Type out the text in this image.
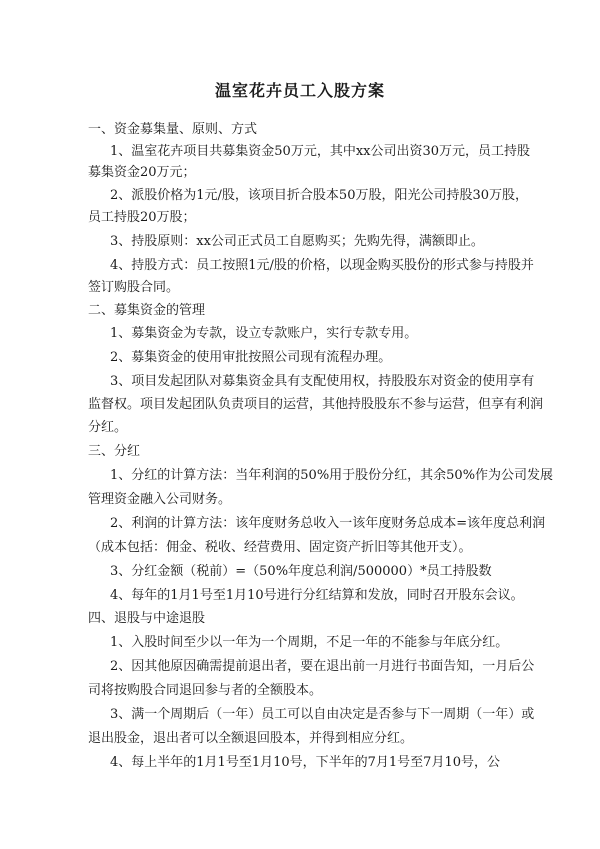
温室花卉员工入股方案
一、资金募集量、原则、方式
1、温室花卉项目共募集资金50万元，其中xx公司出资30万元，员工持股
募集资金20万元；
2、派股价格为1元/股，该项目折合股本50万股，阳光公司持股30万股，
员工持股20万股；
3、持股原则：xx公司正式员工自愿购买；先购先得，满额即止。
4、持股方式：员工按照1元/股的价格，以现金购买股份的形式参与持股并
签订购股合同。
二、募集资金的管理
1、募集资金为专款，设立专款账户，实行专款专用。
2、募集资金的使用审批按照公司现有流程办理。
3、项目发起团队对募集资金具有支配使用权，持股股东对资金的使用享有
监督权。项目发起团队负责项目的运营，其他持股股东不参与运营，但享有利润
分红。
三、分红
1、分红的计算方法：当年利润的50%用于股份分红，其余50%作为公司发展
管理资金融入公司财务。
2、利润的计算方法：该年度财务总收入一该年度财务总成本=该年度总利润
（成本包括：佣金、税收、经营费用、固定资产折旧等其他开支）。
3、分红金额（税前）=（50%年度总利润/500000）*员工持股数
4、每年的1月1号至1月10号进行分红结算和发放，同时召开股东会议。
四、退股与中途退股
1、入股时间至少以一年为一个周期，不足一年的不能参与年底分红。
2、因其他原因确需提前退出者，要在退出前一月进行书面告知，一月后公
司将按购股合同退回参与者的全额股本。
3、满一个周期后（一年）员工可以自由决定是否参与下一周期（一年）或
退出股金，退出者可以全额退回股本，并得到相应分红。
4、每上半年的1月1号至1月10号，下半年的7月1号至7月10号，公
